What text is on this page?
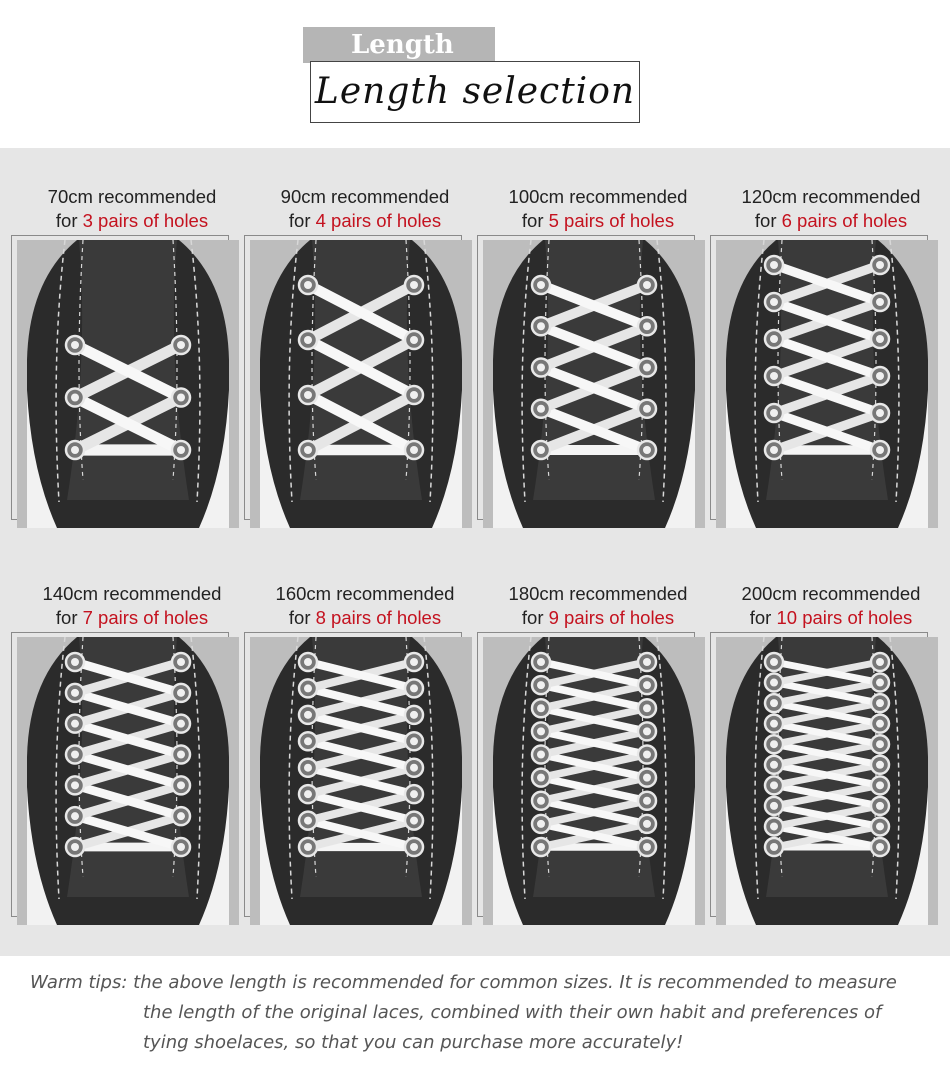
Length
Length selection
70cm recommended
for 3 pairs of holes
90cm recommended
for 4 pairs of holes
100cm recommended
for 5 pairs of holes
120cm recommended
for 6 pairs of holes
140cm recommended
for 7 pairs of holes
160cm recommended
for 8 pairs of holes
180cm recommended
for 9 pairs of holes
200cm recommended
for 10 pairs of holes
Warm tips: the above length is recommended for common sizes. It is recommended to measure
the length of the original laces, combined with their own habit and preferences of
tying shoelaces, so that you can purchase more accurately!
